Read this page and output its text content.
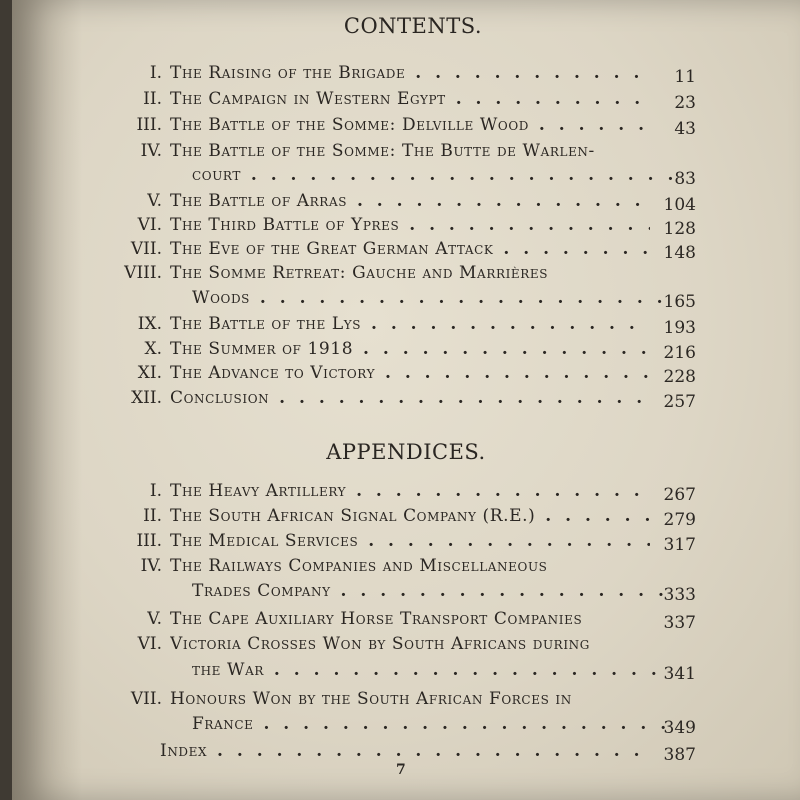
CONTENTS.
I. The Raising of the Brigade . .	11
II. The Campaign in Western Egypt . .	23
III. The Battle of the Somme: Delville Wood . .	43
IV. The Battle of the Somme: The Butte de Warlen-
court . .	83
V. The Battle of Arras . .	104
VI. The Third Battle of Ypres . .	128
VII. The Eve of the Great German Attack . .	148
VIII. The Somme Retreat: Gauche and Marrières
Woods . .	165
IX. The Battle of the Lys . .	193
X. The Summer of 1918 . .	216
XI. The Advance to Victory . .	228
XII. Conclusion . .	257
APPENDICES.
I. The Heavy Artillery . .	267
II. The South African Signal Company (R.E.) . .	279
III. The Medical Services . .	317
IV. The Railways Companies and Miscellaneous
Trades Company . .	333
V. The Cape Auxiliary Horse Transport Companies	337
VI. Victoria Crosses Won by South Africans during
the War . .	341
VII. Honours Won by the South African Forces in
France . .	349
Index . .	387
7
